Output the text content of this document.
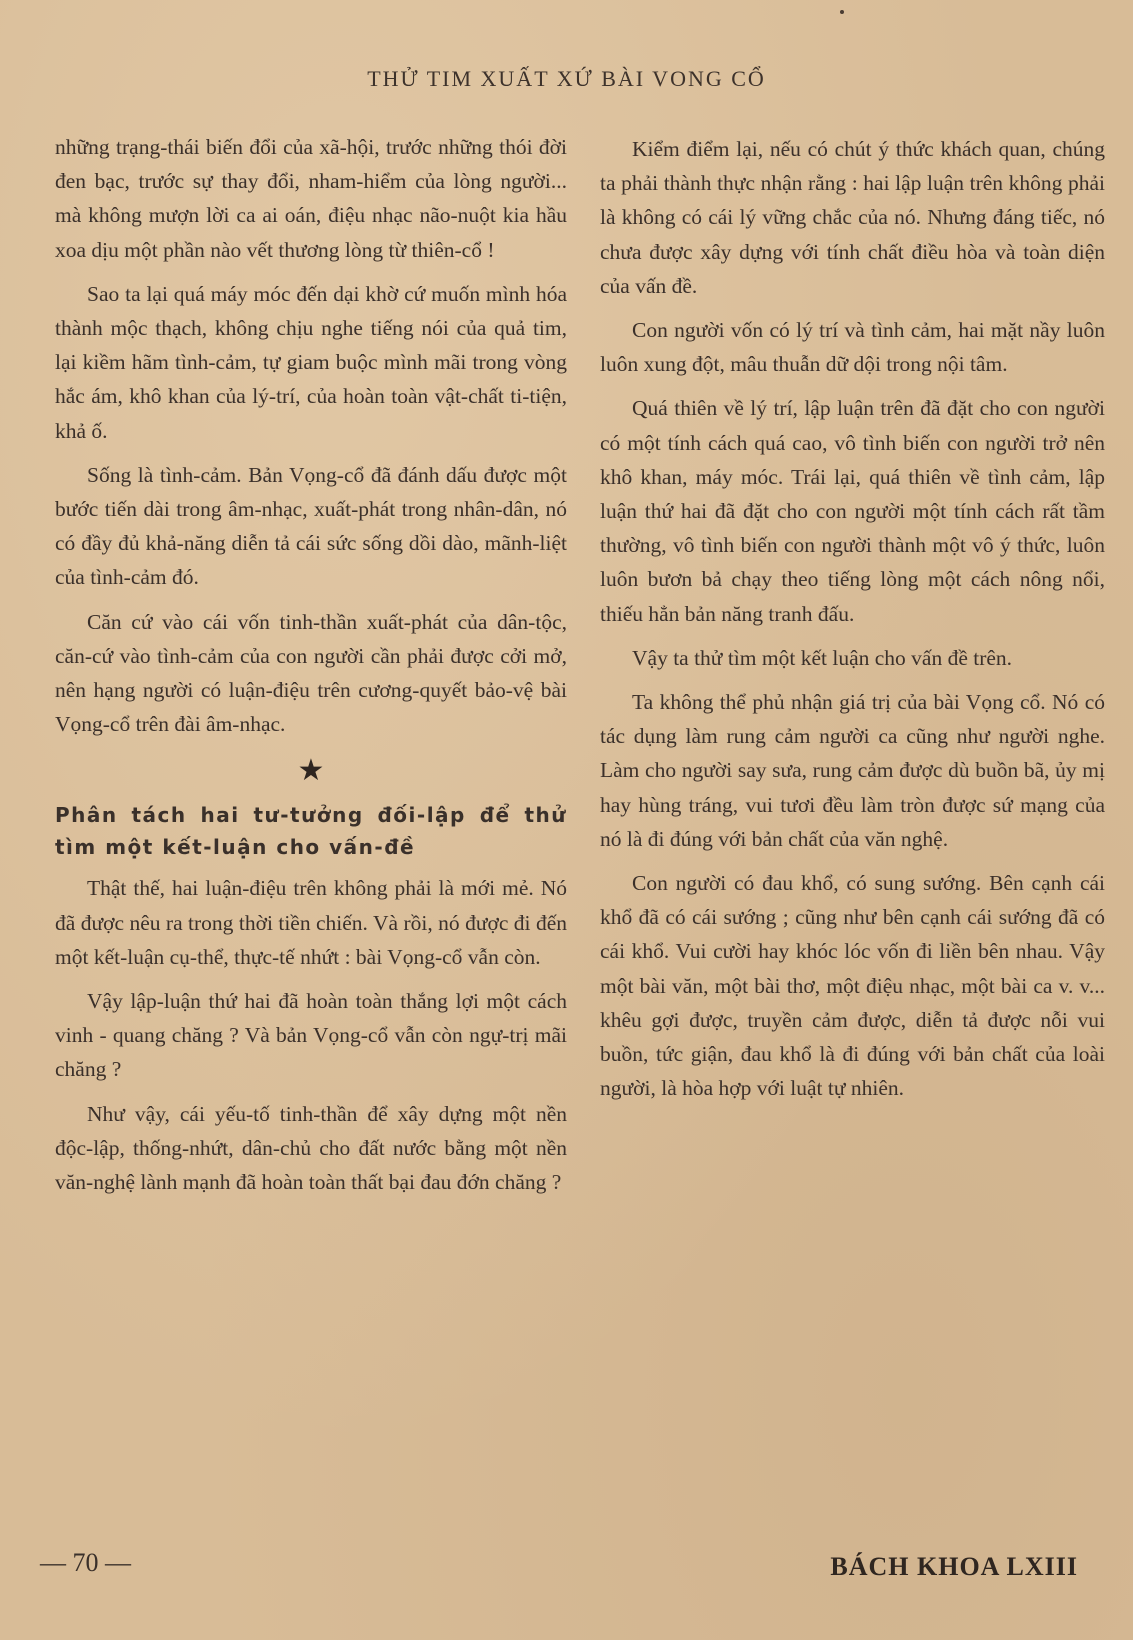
THỬ TIM XUẤT XỨ BÀI VONG CỔ

những trạng-thái biến đổi của xã-hội, trước những thói đời đen bạc, trước sự thay đổi, nham-hiểm của lòng người... mà không mượn lời ca ai oán, điệu nhạc não-nuột kia hầu xoa dịu một phần nào vết thương lòng từ thiên-cổ !

Sao ta lại quá máy móc đến dại khờ cứ muốn mình hóa thành mộc thạch, không chịu nghe tiếng nói của quả tim, lại kiềm hãm tình-cảm, tự giam buộc mình mãi trong vòng hắc ám, khô khan của lý-trí, của hoàn toàn vật-chất ti-tiện, khả ố.

Sống là tình-cảm. Bản Vọng-cổ đã đánh dấu được một bước tiến dài trong âm-nhạc, xuất-phát trong nhân-dân, nó có đầy đủ khả-năng diễn tả cái sức sống dồi dào, mãnh-liệt của tình-cảm đó.

Căn cứ vào cái vốn tinh-thần xuất-phát của dân-tộc, căn-cứ vào tình-cảm của con người cần phải được cởi mở, nên hạng người có luận-điệu trên cương-quyết bảo-vệ bài Vọng-cổ trên đài âm-nhạc.

★
Phân tách hai tư-tưởng đối-lập để thử tìm một kết-luận cho vấn-đề

Thật thế, hai luận-điệu trên không phải là mới mẻ. Nó đã được nêu ra trong thời tiền chiến. Và rồi, nó được đi đến một kết-luận cụ-thể, thực-tế nhứt : bài Vọng-cổ vẫn còn.

Vậy lập-luận thứ hai đã hoàn toàn thắng lợi một cách vinh - quang chăng ? Và bản Vọng-cổ vẫn còn ngự-trị mãi chăng ?

Như vậy, cái yếu-tố tinh-thần để xây dựng một nền độc-lập, thống-nhứt, dân-chủ cho đất nước bằng một nền văn-nghệ lành mạnh đã hoàn toàn thất bại đau đớn chăng ?

Kiểm điểm lại, nếu có chút ý thức khách quan, chúng ta phải thành thực nhận rằng : hai lập luận trên không phải là không có cái lý vững chắc của nó. Nhưng đáng tiếc, nó chưa được xây dựng với tính chất điều hòa và toàn diện của vấn đề.

Con người vốn có lý trí và tình cảm, hai mặt nầy luôn luôn xung đột, mâu thuẫn dữ dội trong nội tâm.

Quá thiên về lý trí, lập luận trên đã đặt cho con người có một tính cách quá cao, vô tình biến con người trở nên khô khan, máy móc. Trái lại, quá thiên về tình cảm, lập luận thứ hai đã đặt cho con người một tính cách rất tầm thường, vô tình biến con người thành một vô ý thức, luôn luôn bươn bả chạy theo tiếng lòng một cách nông nổi, thiếu hẳn bản năng tranh đấu.

Vậy ta thử tìm một kết luận cho vấn đề trên.

Ta không thể phủ nhận giá trị của bài Vọng cổ. Nó có tác dụng làm rung cảm người ca cũng như người nghe. Làm cho người say sưa, rung cảm được dù buồn bã, ủy mị hay hùng tráng, vui tươi đều làm tròn được sứ mạng của nó là đi đúng với bản chất của văn nghệ.

Con người có đau khổ, có sung sướng. Bên cạnh cái khổ đã có cái sướng ; cũng như bên cạnh cái sướng đã có cái khổ. Vui cười hay khóc lóc vốn đi liền bên nhau. Vậy một bài văn, một bài thơ, một điệu nhạc, một bài ca v. v... khêu gợi được, truyền cảm được, diễn tả được nỗi vui buồn, tức giận, đau khổ là đi đúng với bản chất của loài người, là hòa hợp với luật tự nhiên.

— 70 —	BÁCH KHOA LXIII
